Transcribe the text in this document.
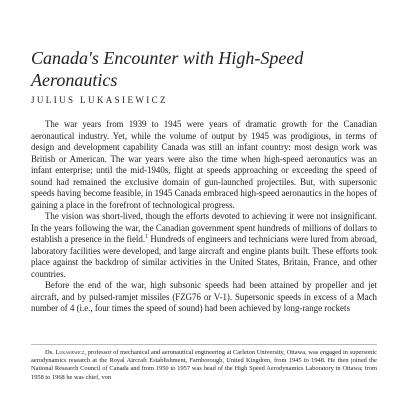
Canada's Encounter with High-Speed Aeronautics
JULIUS LUKASIEWICZ

The war years from 1939 to 1945 were years of dramatic growth for the Canadian aeronautical industry. Yet, while the volume of output by 1945 was prodigious, in terms of design and development capability Canada was still an infant country: most design work was British or American. The war years were also the time when high-speed aeronautics was an infant enterprise; until the mid-1940s, flight at speeds approaching or exceeding the speed of sound had remained the exclusive domain of gun-launched projectiles. But, with supersonic speeds having become feasible, in 1945 Canada embraced high-speed aeronautics in the hopes of gaining a place in the forefront of technological progress.

The vision was short-lived, though the efforts devoted to achieving it were not insignificant. In the years following the war, the Canadian government spent hundreds of millions of dollars to establish a presence in the field.$^1$ Hundreds of engineers and technicians were lured from abroad, laboratory facilities were developed, and large aircraft and engine plants built. These efforts took place against the backdrop of similar activities in the United States, Britain, France, and other countries.

Before the end of the war, high subsonic speeds had been attained by propeller and jet aircraft, and by pulsed-ramjet missiles (FZG76 or V-1). Supersonic speeds in excess of a Mach number of 4 (i.e., four times the speed of sound) had been achieved by long-range rockets

Dr. Lukasiewicz, professor of mechanical and aeronautical engineering at Carleton University, Ottawa, was engaged in supersonic aerodynamics research at the Royal Aircraft Establishment, Farnborough, United Kingdom, from 1945 to 1948. He then joined the National Research Council of Canada and from 1950 to 1957 was head of the High Speed Aerodynamics Laboratory in Ottawa; from 1958 to 1968 he was chief, von
